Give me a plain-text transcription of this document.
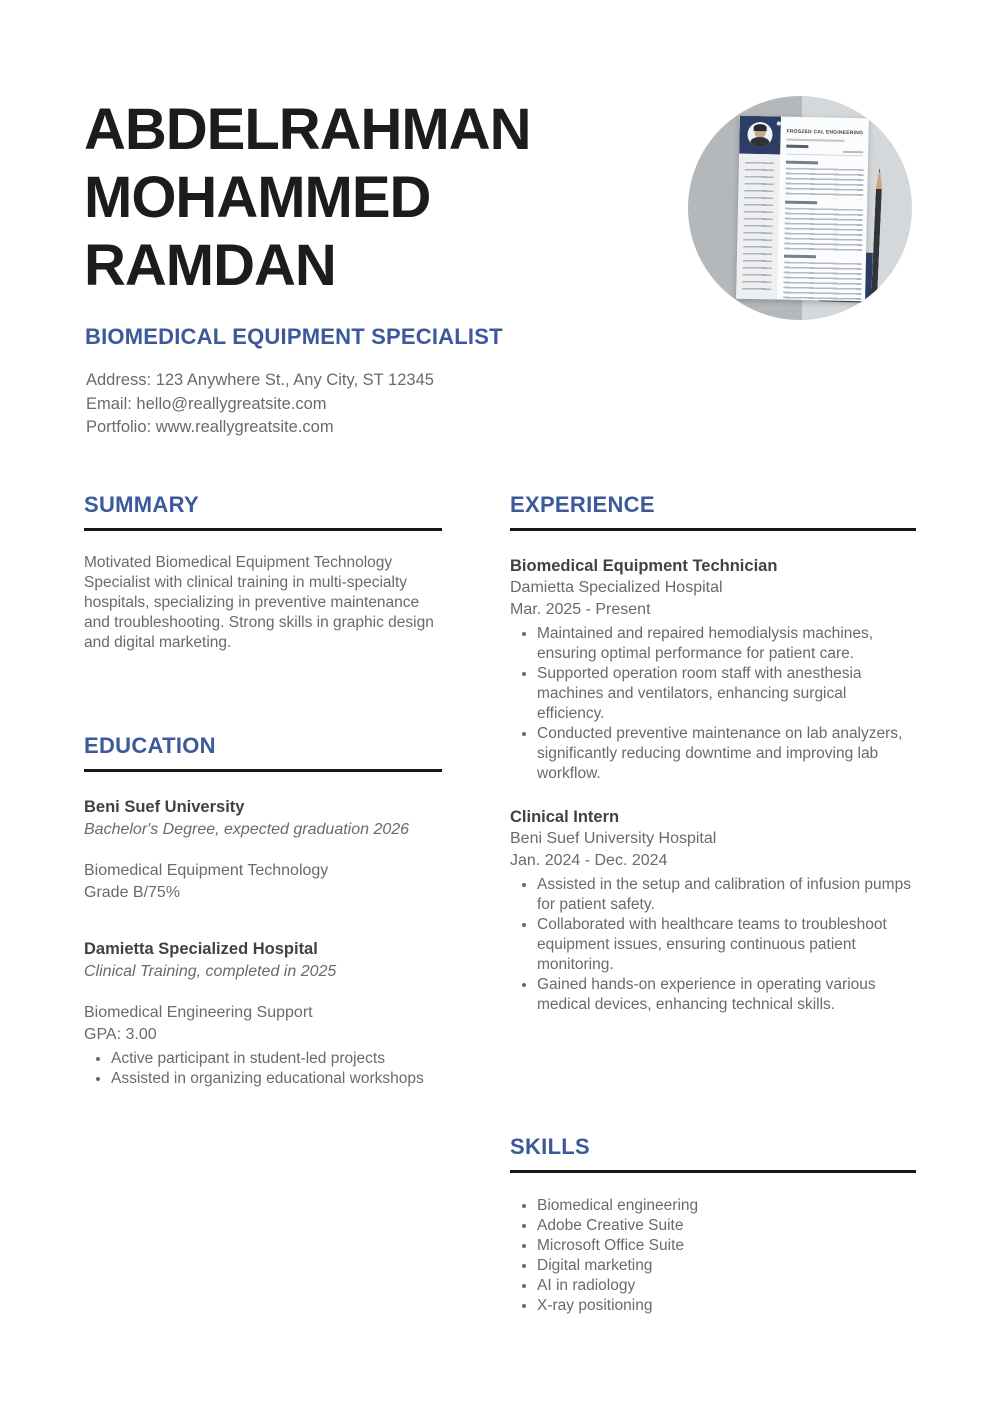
ABDELRAHMAN
MOHAMMED
RAMDAN
FROSZED CAL ENGINEERING
BIOMEDICAL EQUIPMENT SPECIALIST
Address: 123 Anywhere St., Any City, ST 12345
Email: hello@reallygreatsite.com
Portfolio: www.reallygreatsite.com
SUMMARY

Motivated Biomedical Equipment Technology Specialist with clinical training in multi-specialty hospitals, specializing in preventive maintenance and troubleshooting. Strong skills in graphic design and digital marketing.

EDUCATION
Beni Suef University
Bachelor's Degree, expected graduation 2026
Biomedical Equipment Technology
Grade B/75%
Damietta Specialized Hospital
Clinical Training, completed in 2025
Biomedical Engineering Support
GPA: 3.00
• Active participant in student-led projects
• Assisted in organizing educational workshops
EXPERIENCE
Biomedical Equipment Technician
Damietta Specialized Hospital
Mar. 2025 - Present
• Maintained and repaired hemodialysis machines, ensuring optimal performance for patient care.
• Supported operation room staff with anesthesia machines and ventilators, enhancing surgical efficiency.
• Conducted preventive maintenance on lab analyzers, significantly reducing downtime and improving lab workflow.
Clinical Intern
Beni Suef University Hospital
Jan. 2024 - Dec. 2024
• Assisted in the setup and calibration of infusion pumps for patient safety.
• Collaborated with healthcare teams to troubleshoot equipment issues, ensuring continuous patient monitoring.
• Gained hands-on experience in operating various medical devices, enhancing technical skills.
SKILLS
• Biomedical engineering
• Adobe Creative Suite
• Microsoft Office Suite
• Digital marketing
• AI in radiology
• X-ray positioning
